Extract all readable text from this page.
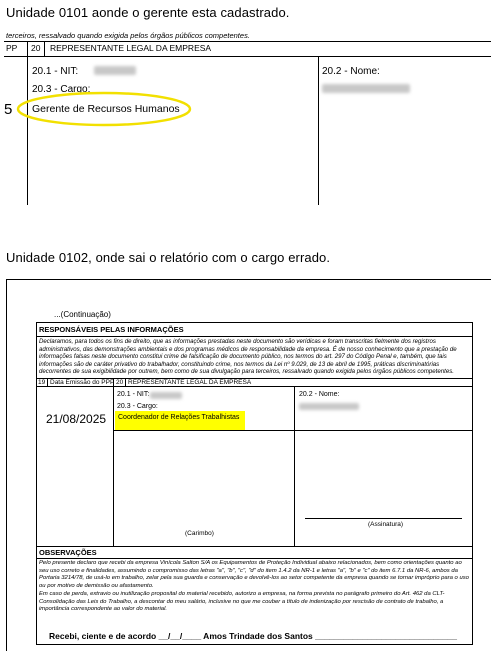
Unidade 0101 aonde o gerente esta cadastrado.
terceiros, ressalvado quando exigida pelos órgãos públicos competentes.
PP 20 REPRESENTANTE LEGAL DA EMPRESA
20.1 - NIT:	20.2 - Nome:
20.3 - Cargo:
5 Gerente de Recursos Humanos
Unidade 0102, onde sai o relatório com o cargo errado.
...(Continuação)
RESPONSÁVEIS PELAS INFORMAÇÕES
Declaramos, para todos os fins de direito, que as informações prestadas neste documento são verídicas e foram transcritas fielmente dos registros administrativos, das demonstrações ambientais e dos programas médicos de responsabilidade da empresa. É de nosso conhecimento que a prestação de informações falsas neste documento constitui crime de falsificação de documento público, nos termos do art. 297 do Código Penal e, também, que tais informações são de caráter privativo do trabalhador, constituindo crime, nos termos da Lei nº 9.029, de 13 de abril de 1995, práticas discriminatórias decorrentes de sua exigibilidade por outrem, bem como de sua divulgação para terceiros, ressalvado quando exigida pelos órgãos públicos competentes.
19 Data Emissão do PPP 20 REPRESENTANTE LEGAL DA EMPRESA
21/08/2025
20.1 - NIT:
20.3 - Cargo:
Coordenador de Relações Trabalhistas
20.2 - Nome:
(Carimbo)
(Assinatura)
OBSERVAÇÕES
Pelo presente declaro que recebi da empresa Vinícola Salton S/A os Equipamentos de Proteção Individual abaixo relacionados, bem como orientações quanto ao seu uso correto e finalidades, assumindo o compromisso das letras "a", "b", "c", "d" do item 1.4.2 da NR-1 e letras "a", "b" e "c" do item 6.7.1 da NR-6, ambos da Portaria 3214/78, de usá-lo em trabalho, zelar pela sua guarda e conservação e devolvê-los ao setor competente da empresa quando se tornar impróprio para o uso ou por motivo de demissão ou afastamento.
Em caso de perda, extravio ou inutilização proposital do material recebido, autorizo a empresa, na forma prevista no parágrafo primeiro do Art. 462 da CLT- Consolidação das Leis do Trabalho, a descontar do meu salário, inclusive no que me couber a título de indenização por rescisão de contrato de trabalho, a importância correspondente ao valor do material.
Recebi, ciente e de acordo __/__/____ Amos Trindade dos Santos ______________________________
